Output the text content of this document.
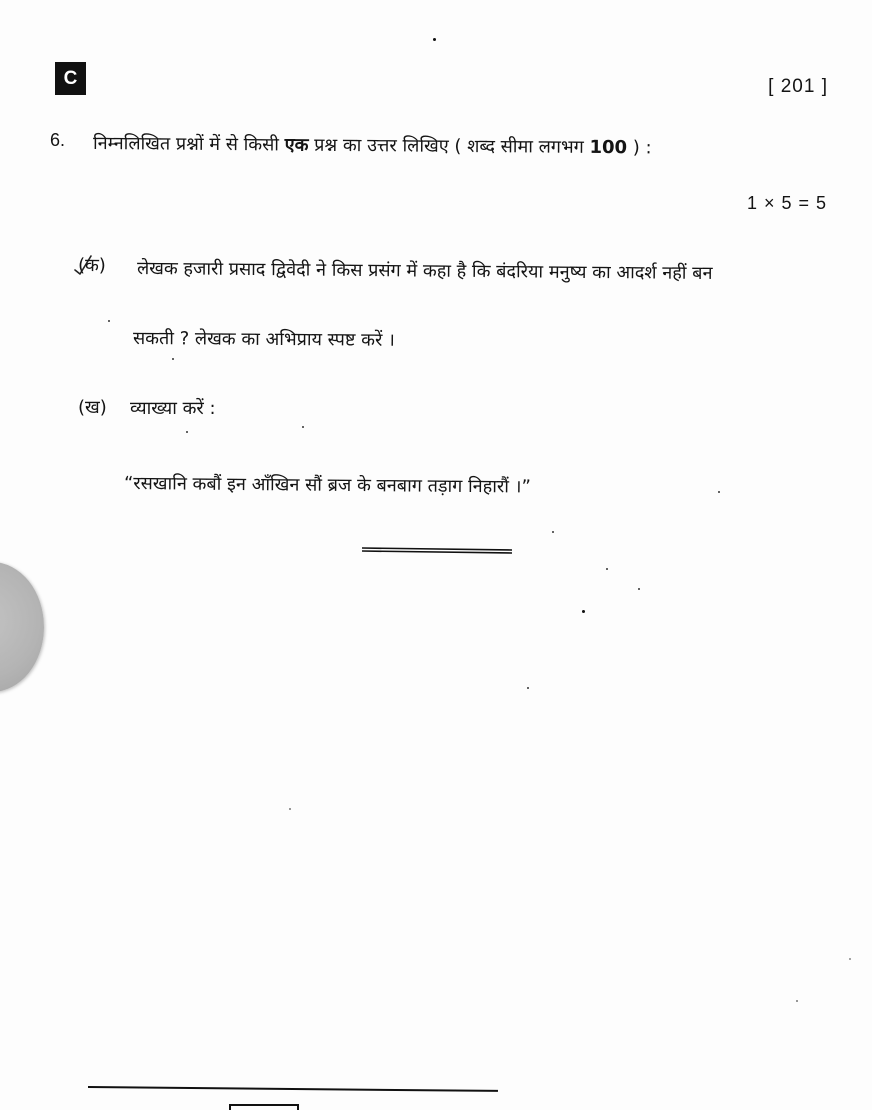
C	[ 201 ]
6. निम्नलिखित प्रश्नों में से किसी एक प्रश्न का उत्तर लिखिए ( शब्द सीमा लगभग 100 ) :
1 × 5 = 5
(क) लेखक हजारी प्रसाद द्विवेदी ने किस प्रसंग में कहा है कि बंदरिया मनुष्य का आदर्श नहीं बन
सकती ? लेखक का अभिप्राय स्पष्ट करें ।
(ख) व्याख्या करें :
“रसखानि कबौं इन आँखिन सौं ब्रज के बनबाग तड़ाग निहारौं ।”
